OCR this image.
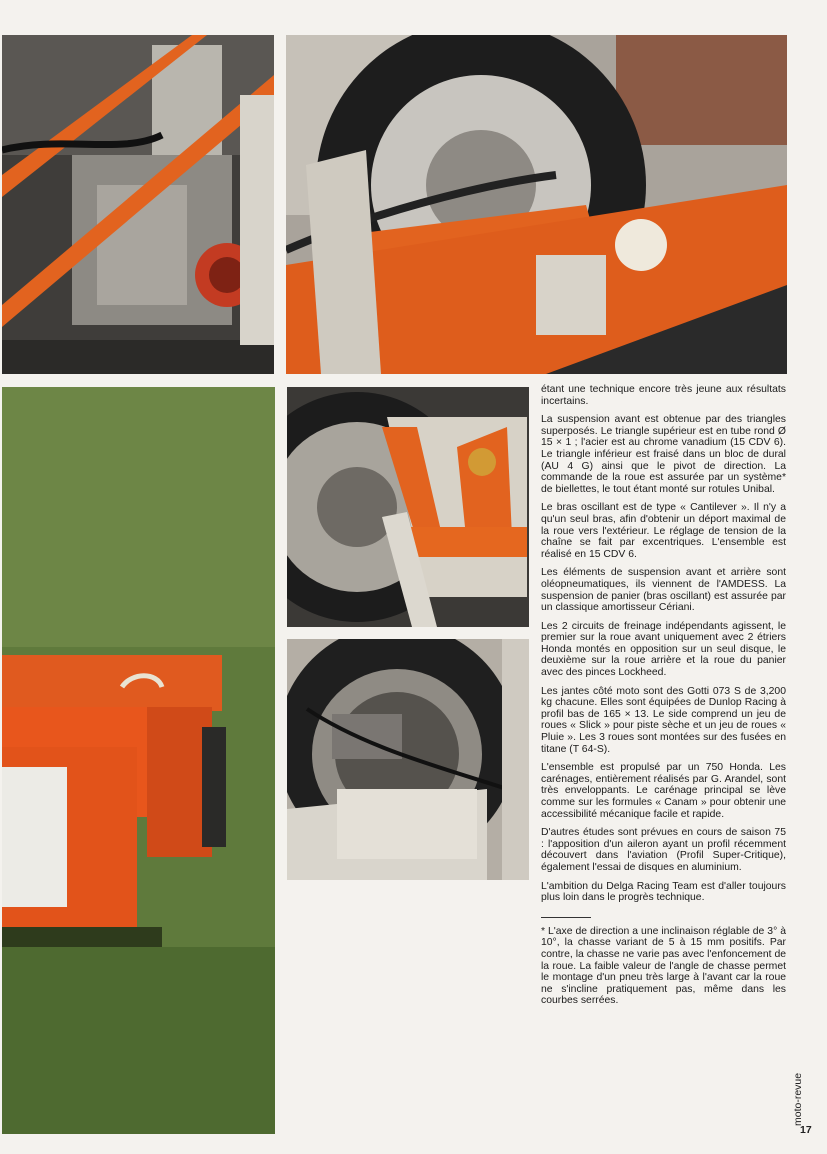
étant une technique encore très jeune aux résultats incertains.

La suspension avant est obtenue par des triangles superposés. Le triangle supérieur est en tube rond Ø 15 × 1 ; l'acier est au chrome vanadium (15 CDV 6). Le triangle inférieur est fraisé dans un bloc de dural (AU 4 G) ainsi que le pivot de direction. La commande de la roue est assurée par un système* de biellettes, le tout étant monté sur rotules Unibal.

Le bras oscillant est de type « Cantilever ». Il n'y a qu'un seul bras, afin d'obtenir un déport maximal de la roue vers l'extérieur. Le réglage de tension de la chaîne se fait par excentriques. L'ensemble est réalisé en 15 CDV 6.

Les éléments de suspension avant et arrière sont oléopneumatiques, ils viennent de l'AMDESS. La suspension de panier (bras oscillant) est assurée par un classique amortisseur Cériani.

Les 2 circuits de freinage indépendants agissent, le premier sur la roue avant uniquement avec 2 étriers Honda montés en opposition sur un seul disque, le deuxième sur la roue arrière et la roue du panier avec des pinces Lockheed.

Les jantes côté moto sont des Gotti 073 S de 3,200 kg chacune. Elles sont équipées de Dunlop Racing à profil bas de 165 × 13. Le side comprend un jeu de roues « Slick » pour piste sèche et un jeu de roues « Pluie ». Les 3 roues sont montées sur des fusées en titane (T 64-S).

L'ensemble est propulsé par un 750 Honda. Les carénages, entièrement réalisés par G. Arandel, sont très enveloppants. Le carénage principal se lève comme sur les formules « Canam » pour obtenir une accessibilité mécanique facile et rapide.

D'autres études sont prévues en cours de saison 75 : l'apposition d'un aileron ayant un profil récemment découvert dans l'aviation (Profil Super-Critique), également l'essai de disques en aluminium.

L'ambition du Delga Racing Team est d'aller toujours plus loin dans le progrès technique.

* L'axe de direction a une inclinaison réglable de 3° à 10°, la chasse variant de 5 à 15 mm positifs. Par contre, la chasse ne varie pas avec l'enfoncement de la roue. La faible valeur de l'angle de chasse permet le montage d'un pneu très large à l'avant car la roue ne s'incline pratiquement pas, même dans les courbes serrées.

moto-revue
17
